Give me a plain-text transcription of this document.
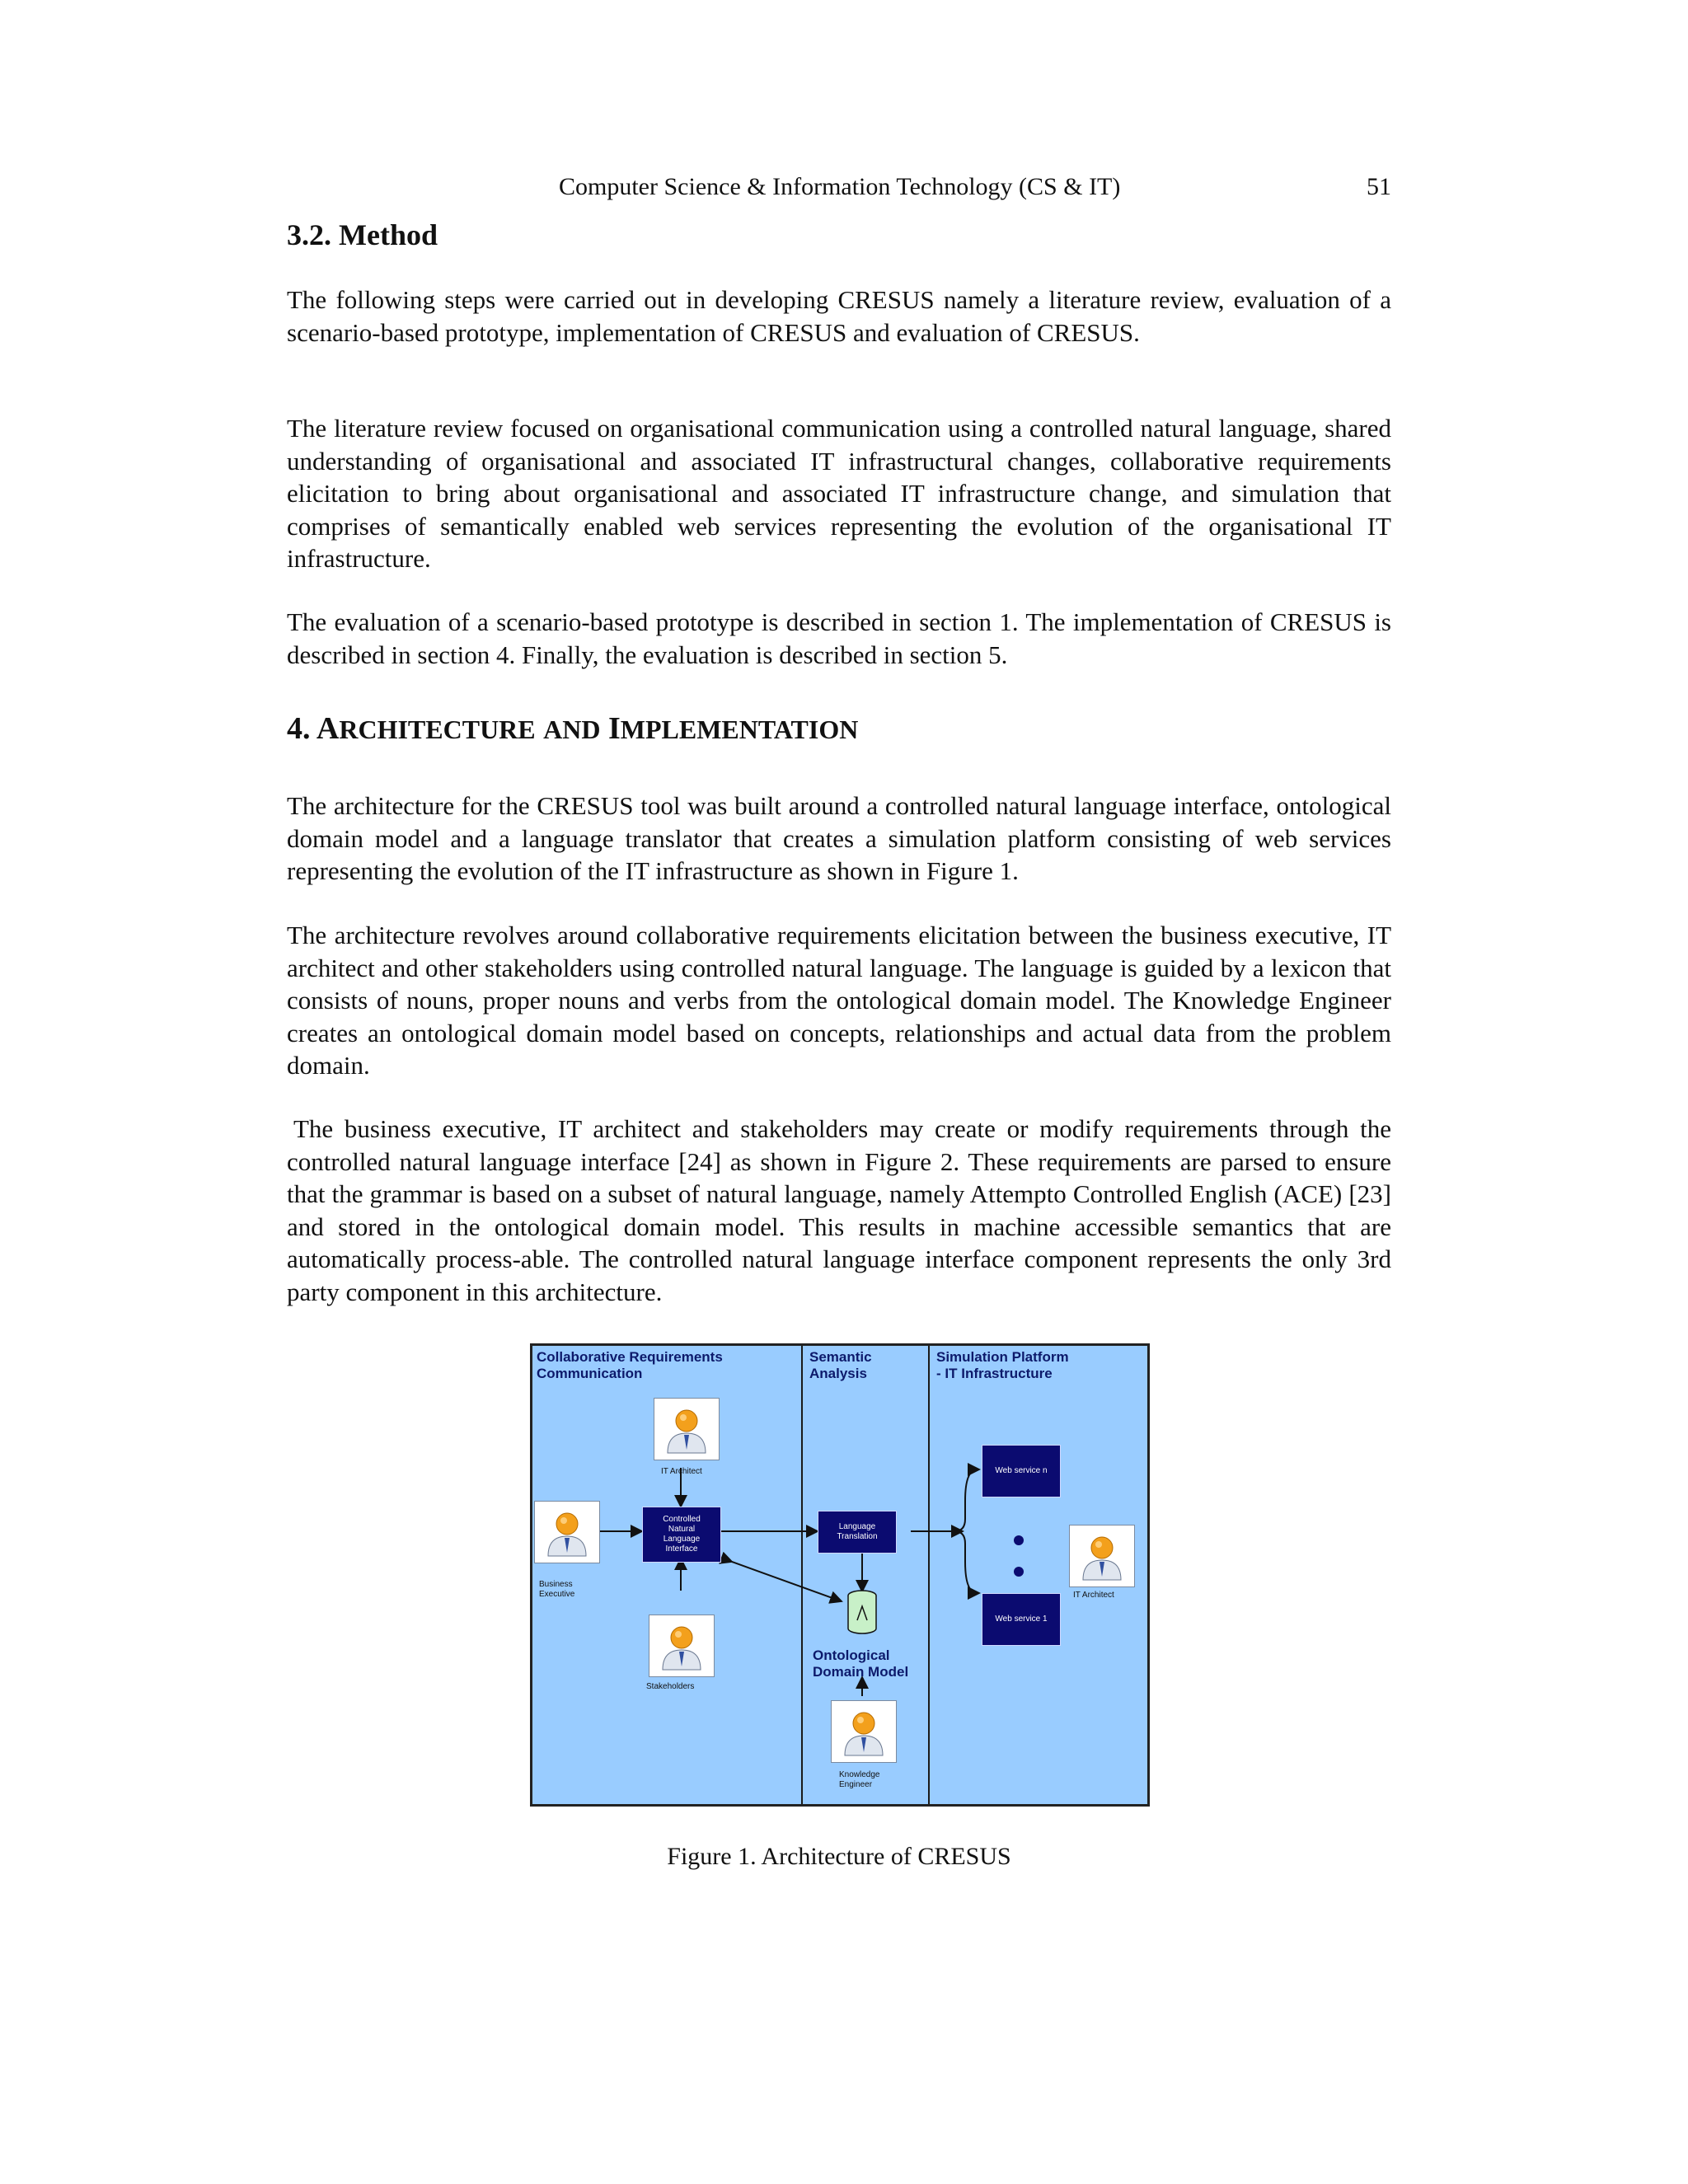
Computer Science & Information Technology (CS & IT)	51
3.2. Method

The following steps were carried out in developing CRESUS namely a literature review, evaluation of a scenario-based prototype, implementation of CRESUS and evaluation of CRESUS.

The literature review focused on organisational communication using a controlled natural language, shared understanding of organisational and associated IT infrastructural changes, collaborative requirements elicitation to bring about organisational and associated IT infrastructure change, and simulation that comprises of semantically enabled web services representing the evolution of the organisational IT infrastructure.

The evaluation of a scenario-based prototype is described in section 1. The implementation of CRESUS is described in section 4. Finally, the evaluation is described in section 5.

4. ARCHITECTURE AND IMPLEMENTATION

The architecture for the CRESUS tool was built around a controlled natural language interface, ontological domain model and a language translator that creates a simulation platform consisting of web services representing the evolution of the IT infrastructure as shown in Figure 1.

The architecture revolves around collaborative requirements elicitation between the business executive, IT architect and other stakeholders using controlled natural language. The language is guided by a lexicon that consists of nouns, proper nouns and verbs from the ontological domain model. The Knowledge Engineer creates an ontological domain model based on concepts, relationships and actual data from the problem domain.

The business executive, IT architect and stakeholders may create or modify requirements through the controlled natural language interface [24] as shown in Figure 2. These requirements are parsed to ensure that the grammar is based on a subset of natural language, namely Attempto Controlled English (ACE) [23] and stored in the ontological domain model. This results in machine accessible semantics that are automatically process-able. The controlled natural language interface component represents the only 3rd party component in this architecture.

Collaborative Requirements
Communication
Semantic
Analysis
Simulation Platform
- IT Infrastructure
Controlled
Natural
Language
Interface
Language
Translation
Web service n
Web service 1
IT Architect
Business
Executive
Stakeholders
IT Architect
Knowledge
Engineer
Ontological
Domain Model
Figure 1. Architecture of CRESUS
